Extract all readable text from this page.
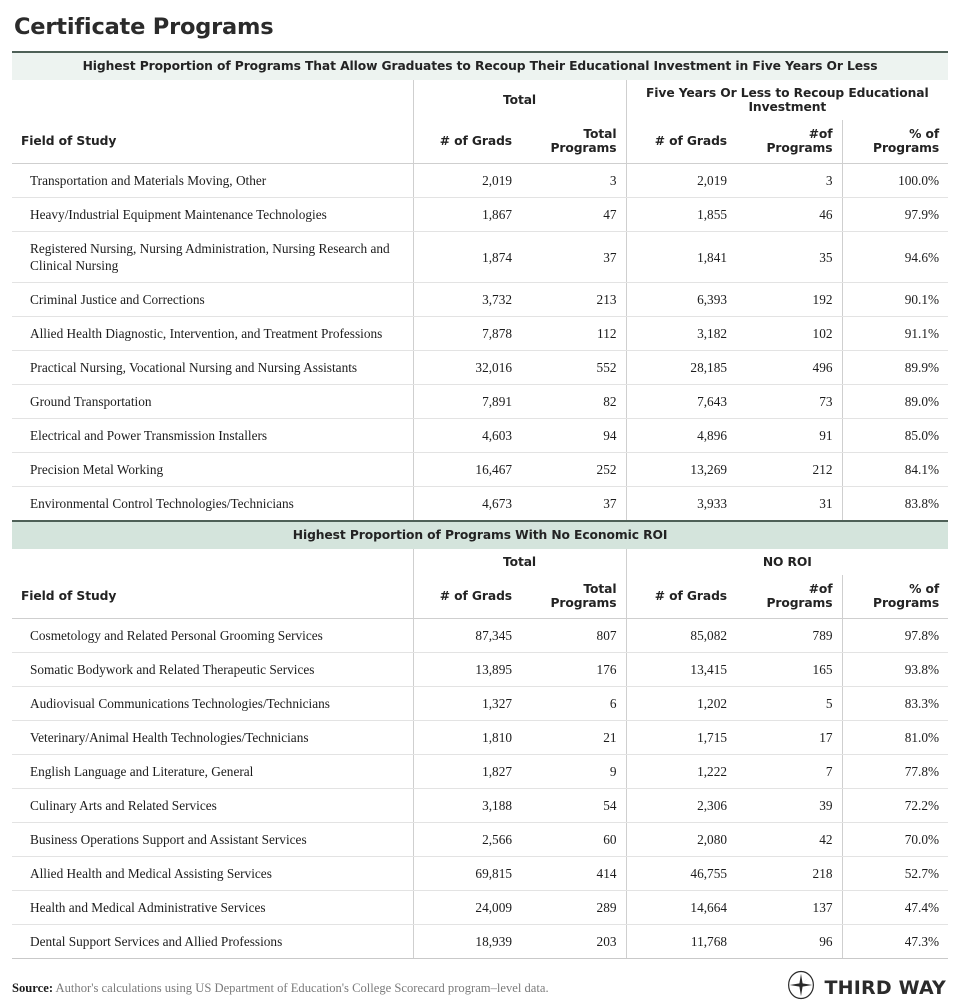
Certificate Programs
Highest Proportion of Programs That Allow Graduates to Recoup Their Educational Investment in Five Years Or Less					
	Total		Five Years Or Less to Recoup Educational Investment		
Field of Study	# of Grads	Total Programs	# of Grads	#of Programs	% of Programs
Transportation and Materials Moving, Other	2,019	3	2,019	3	100.0%
Heavy/Industrial Equipment Maintenance Technologies	1,867	47	1,855	46	97.9%
Registered Nursing, Nursing Administration, Nursing Research and Clinical Nursing	1,874	37	1,841	35	94.6%
Criminal Justice and Corrections	3,732	213	6,393	192	90.1%
Allied Health Diagnostic, Intervention, and Treatment Professions	7,878	112	3,182	102	91.1%
Practical Nursing, Vocational Nursing and Nursing Assistants	32,016	552	28,185	496	89.9%
Ground Transportation	7,891	82	7,643	73	89.0%
Electrical and Power Transmission Installers	4,603	94	4,896	91	85.0%
Precision Metal Working	16,467	252	13,269	212	84.1%
Environmental Control Technologies/Technicians	4,673	37	3,933	31	83.8%
Highest Proportion of Programs With No Economic ROI					
	Total		NO ROI		
Field of Study	# of Grads	Total Programs	# of Grads	#of Programs	% of Programs
Cosmetology and Related Personal Grooming Services	87,345	807	85,082	789	97.8%
Somatic Bodywork and Related Therapeutic Services	13,895	176	13,415	165	93.8%
Audiovisual Communications Technologies/Technicians	1,327	6	1,202	5	83.3%
Veterinary/Animal Health Technologies/Technicians	1,810	21	1,715	17	81.0%
English Language and Literature, General	1,827	9	1,222	7	77.8%
Culinary Arts and Related Services	3,188	54	2,306	39	72.2%
Business Operations Support and Assistant Services	2,566	60	2,080	42	70.0%
Allied Health and Medical Assisting Services	69,815	414	46,755	218	52.7%
Health and Medical Administrative Services	24,009	289	14,664	137	47.4%
Dental Support Services and Allied Professions	18,939	203	11,768	96	47.3%
Source: Author's calculations using US Department of Education's College Scorecard program–level data.	THIRD WAY
